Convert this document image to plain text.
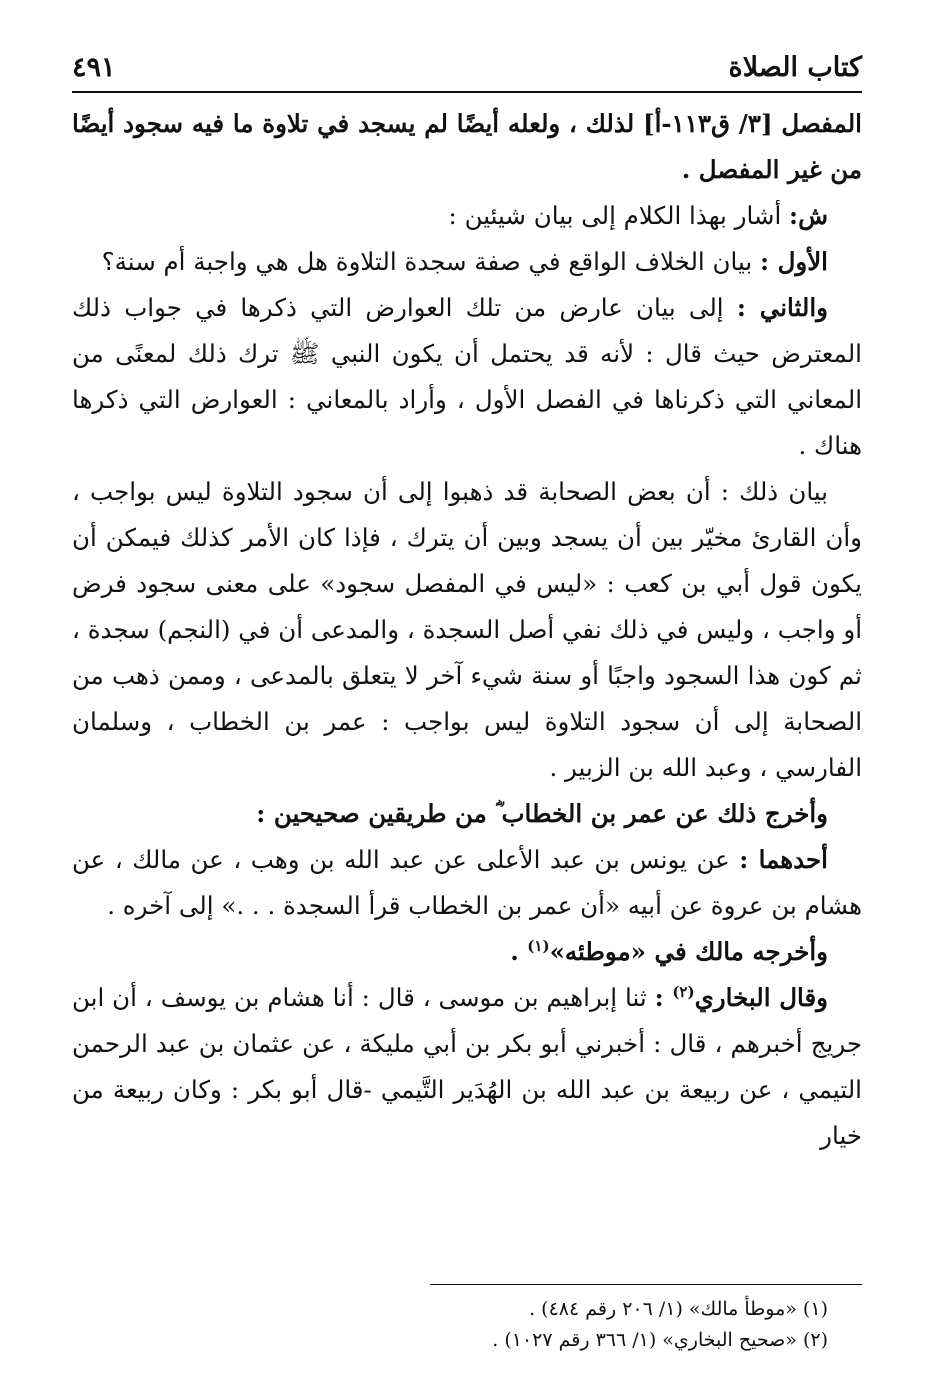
كتاب الصلاة
٤٩١

المفصل [٣/ ق١١٣-أ] لذلك ، ولعله أيضًا لم يسجد في تلاوة ما فيه سجود أيضًا من غير المفصل .

ش: أشار بهذا الكلام إلى بيان شيئين :

الأول : بيان الخلاف الواقع في صفة سجدة التلاوة هل هي واجبة أم سنة؟

والثاني : إلى بيان عارض من تلك العوارض التي ذكرها في جواب ذلك المعترض حيث قال : لأنه قد يحتمل أن يكون النبي ﷺ ترك ذلك لمعنًى من المعاني التي ذكرناها في الفصل الأول ، وأراد بالمعاني : العوارض التي ذكرها هناك .

بيان ذلك : أن بعض الصحابة قد ذهبوا إلى أن سجود التلاوة ليس بواجب ، وأن القارئ مخيّر بين أن يسجد وبين أن يترك ، فإذا كان الأمر كذلك فيمكن أن يكون قول أبي بن كعب : «ليس في المفصل سجود» على معنى سجود فرض أو واجب ، وليس في ذلك نفي أصل السجدة ، والمدعى أن في (النجم) سجدة ، ثم كون هذا السجود واجبًا أو سنة شيء آخر لا يتعلق بالمدعى ، وممن ذهب من الصحابة إلى أن سجود التلاوة ليس بواجب : عمر بن الخطاب ، وسلمان الفارسي ، وعبد الله بن الزبير .

وأخرج ذلك عن عمر بن الخطاب ؓ من طريقين صحيحين :

أحدهما : عن يونس بن عبد الأعلى عن عبد الله بن وهب ، عن مالك ، عن هشام بن عروة عن أبيه «أن عمر بن الخطاب قرأ السجدة . . .» إلى آخره .

وأخرجه مالك في «موطئه»$^{(١)}$ .

وقال البخاري$^{(٢)}$ : ثنا إبراهيم بن موسى ، قال : أنا هشام بن يوسف ، أن ابن جريج أخبرهم ، قال : أخبرني أبو بكر بن أبي مليكة ، عن عثمان بن عبد الرحمن التيمي ، عن ربيعة بن عبد الله بن الهُدَير التَّيمي -قال أبو بكر : وكان ربيعة من خيار

(١) «موطأ مالك» (١/ ٢٠٦ رقم ٤٨٤) .

(٢) «صحيح البخاري» (١/ ٣٦٦ رقم ١٠٢٧) .
